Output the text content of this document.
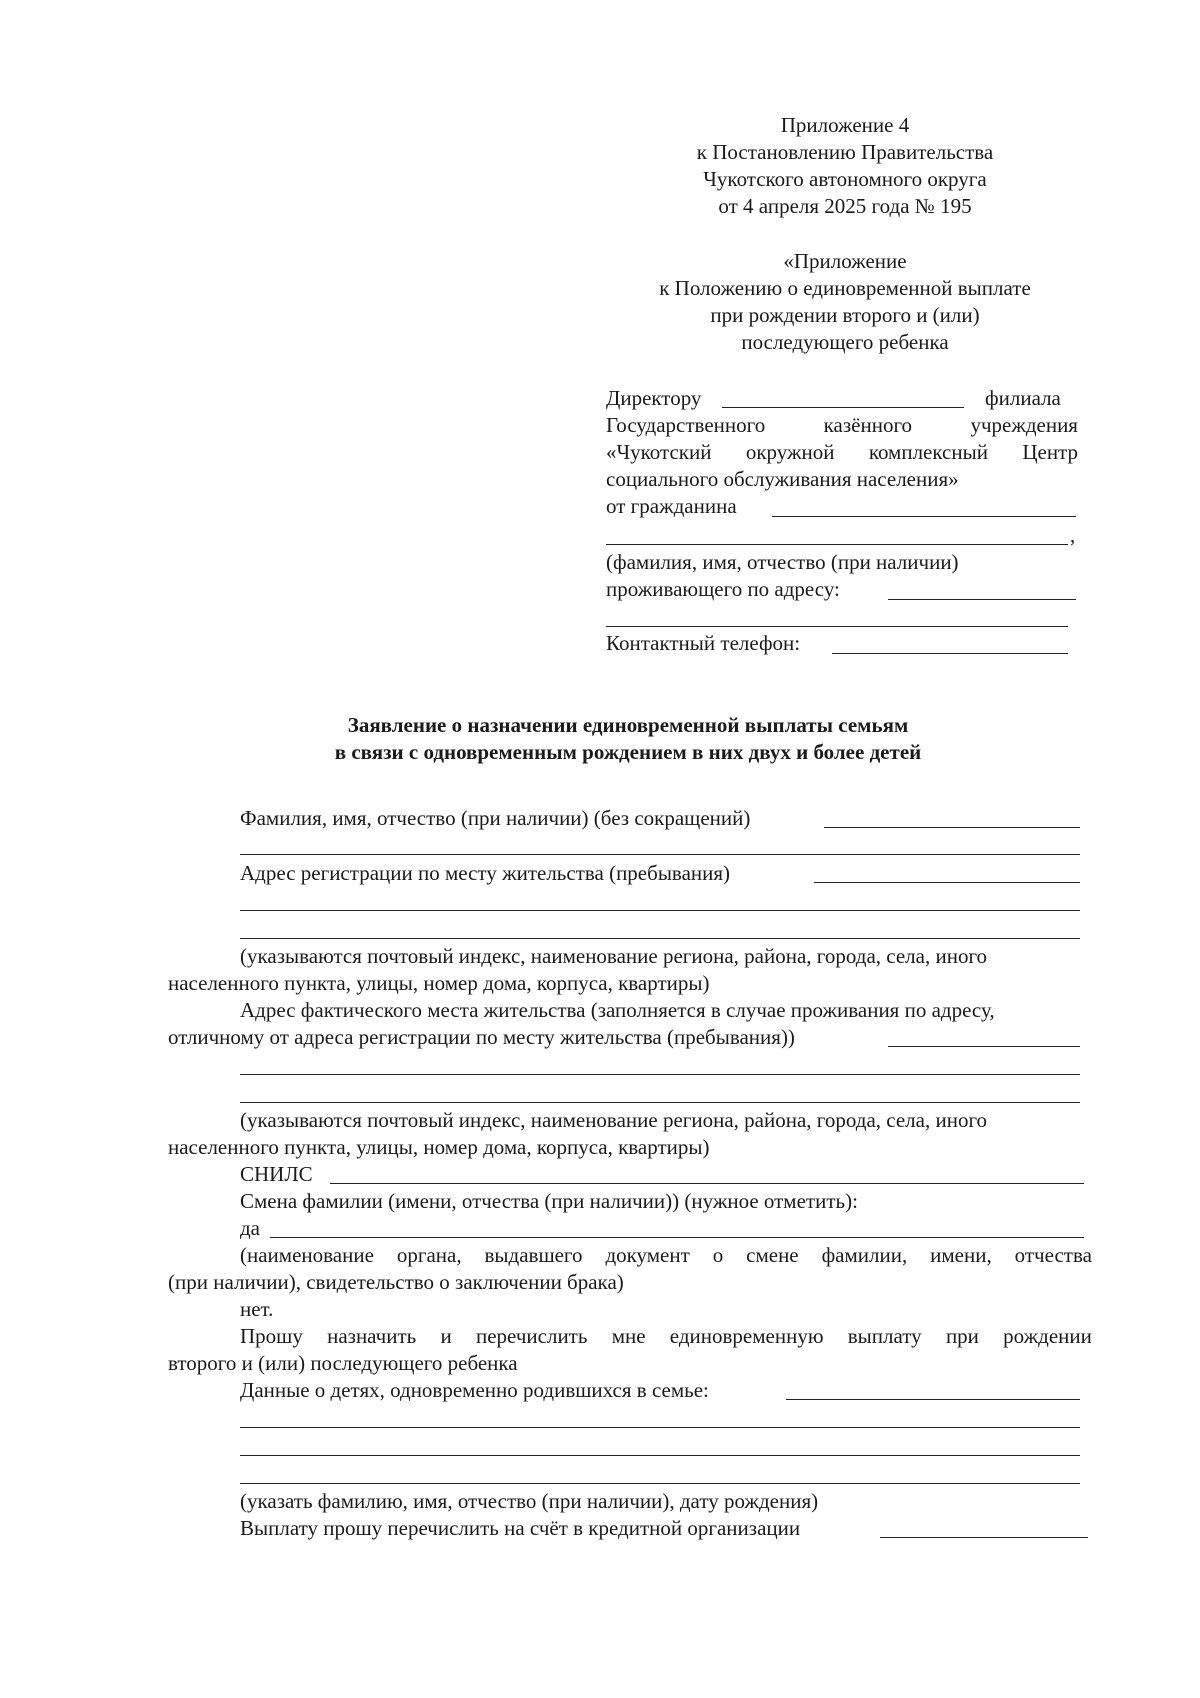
Приложение 4
к Постановлению Правительства
Чукотского автономного округа
от 4 апреля 2025 года № 195
«Приложение
к Положению о единовременной выплате
при рождении второго и (или)
последующего ребенка
Директору	филиала
Государственного	казённого	учреждения
«Чукотский окружной комплексный Центр
социального обслуживания населения»
от гражданина
,
(фамилия, имя, отчество (при наличии)
проживающего по адресу:
Контактный телефон:
Заявление о назначении единовременной выплаты семьям
в связи с одновременным рождением в них двух и более детей
Фамилия, имя, отчество (при наличии) (без сокращений)
Адрес регистрации по месту жительства (пребывания)
(указываются почтовый индекс, наименование региона, района, города, села, иного
населенного пункта, улицы, номер дома, корпуса, квартиры)
Адрес фактического места жительства (заполняется в случае проживания по адресу,
отличному от адреса регистрации по месту жительства (пребывания))
(указываются почтовый индекс, наименование региона, района, города, села, иного
населенного пункта, улицы, номер дома, корпуса, квартиры)
СНИЛС
Смена фамилии (имени, отчества (при наличии)) (нужное отметить):
да
(наименование органа, выдавшего документ о смене фамилии, имени, отчества
(при наличии), свидетельство о заключении брака)
нет.
Прошу назначить и перечислить мне единовременную выплату при рождении
второго и (или) последующего ребенка
Данные о детях, одновременно родившихся в семье:
(указать фамилию, имя, отчество (при наличии), дату рождения)
Выплату прошу перечислить на счёт в кредитной организации
